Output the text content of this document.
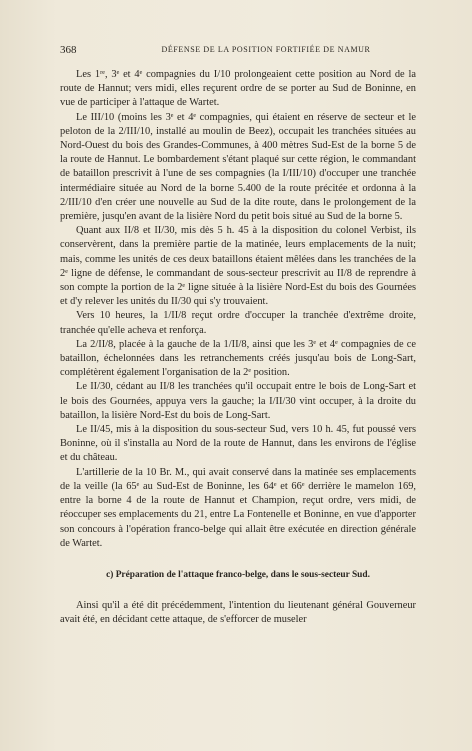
368	DÉFENSE DE LA POSITION FORTIFIÉE DE NAMUR

Les 1ʳᵉ, 3ᵉ et 4ᵉ compagnies du I/10 prolongeaient cette position au Nord de la route de Hannut; vers midi, elles reçurent ordre de se porter au Sud de Boninne, en vue de participer à l'attaque de Wartet.

Le III/10 (moins les 3ᵉ et 4ᵉ compagnies, qui étaient en réserve de secteur et le peloton de la 2/III/10, installé au moulin de Beez), occupait les tranchées situées au Nord-Ouest du bois des Grandes-Communes, à 400 mètres Sud-Est de la borne 5 de la route de Hannut. Le bombardement s'étant plaqué sur cette région, le commandant de bataillon prescrivit à l'une de ses compagnies (la I/III/10) d'occuper une tranchée intermédiaire située au Nord de la borne 5.400 de la route précitée et ordonna à la 2/III/10 d'en créer une nouvelle au Sud de la dite route, dans le prolongement de la première, jusqu'en avant de la lisière Nord du petit bois situé au Sud de la borne 5.

Quant aux II/8 et II/30, mis dès 5 h. 45 à la disposition du colonel Verbist, ils conservèrent, dans la première partie de la matinée, leurs emplacements de la nuit; mais, comme les unités de ces deux bataillons étaient mêlées dans les tranchées de la 2ᵉ ligne de défense, le commandant de sous-secteur prescrivit au II/8 de reprendre à son compte la portion de la 2ᵉ ligne située à la lisière Nord-Est du bois des Gournées et d'y relever les unités du II/30 qui s'y trouvaient.

Vers 10 heures, la 1/II/8 reçut ordre d'occuper la tranchée d'extrême droite, tranchée qu'elle acheva et renforça.

La 2/II/8, placée à la gauche de la 1/II/8, ainsi que les 3ᵉ et 4ᵉ compagnies de ce bataillon, échelonnées dans les retranchements créés jusqu'au bois de Long-Sart, complétèrent également l'organisation de la 2ᵉ position.

Le II/30, cédant au II/8 les tranchées qu'il occupait entre le bois de Long-Sart et le bois des Gournées, appuya vers la gauche; la I/II/30 vint occuper, à la droite du bataillon, la lisière Nord-Est du bois de Long-Sart.

Le II/45, mis à la disposition du sous-secteur Sud, vers 10 h. 45, fut poussé vers Boninne, où il s'installa au Nord de la route de Hannut, dans les environs de l'église et du château.

L'artillerie de la 10 Br. M., qui avait conservé dans la matinée ses emplacements de la veille (la 65ᵉ au Sud-Est de Boninne, les 64ᵉ et 66ᵉ derrière le mamelon 169, entre la borne 4 de la route de Hannut et Champion, reçut ordre, vers midi, de réoccuper ses emplacements du 21, entre La Fontenelle et Boninne, en vue d'apporter son concours à l'opération franco-belge qui allait être exécutée en direction générale de Wartet.

c) Préparation de l'attaque franco-belge, dans le sous-secteur Sud.

Ainsi qu'il a été dit précédemment, l'intention du lieutenant général Gouverneur avait été, en décidant cette attaque, de s'efforcer de museler
